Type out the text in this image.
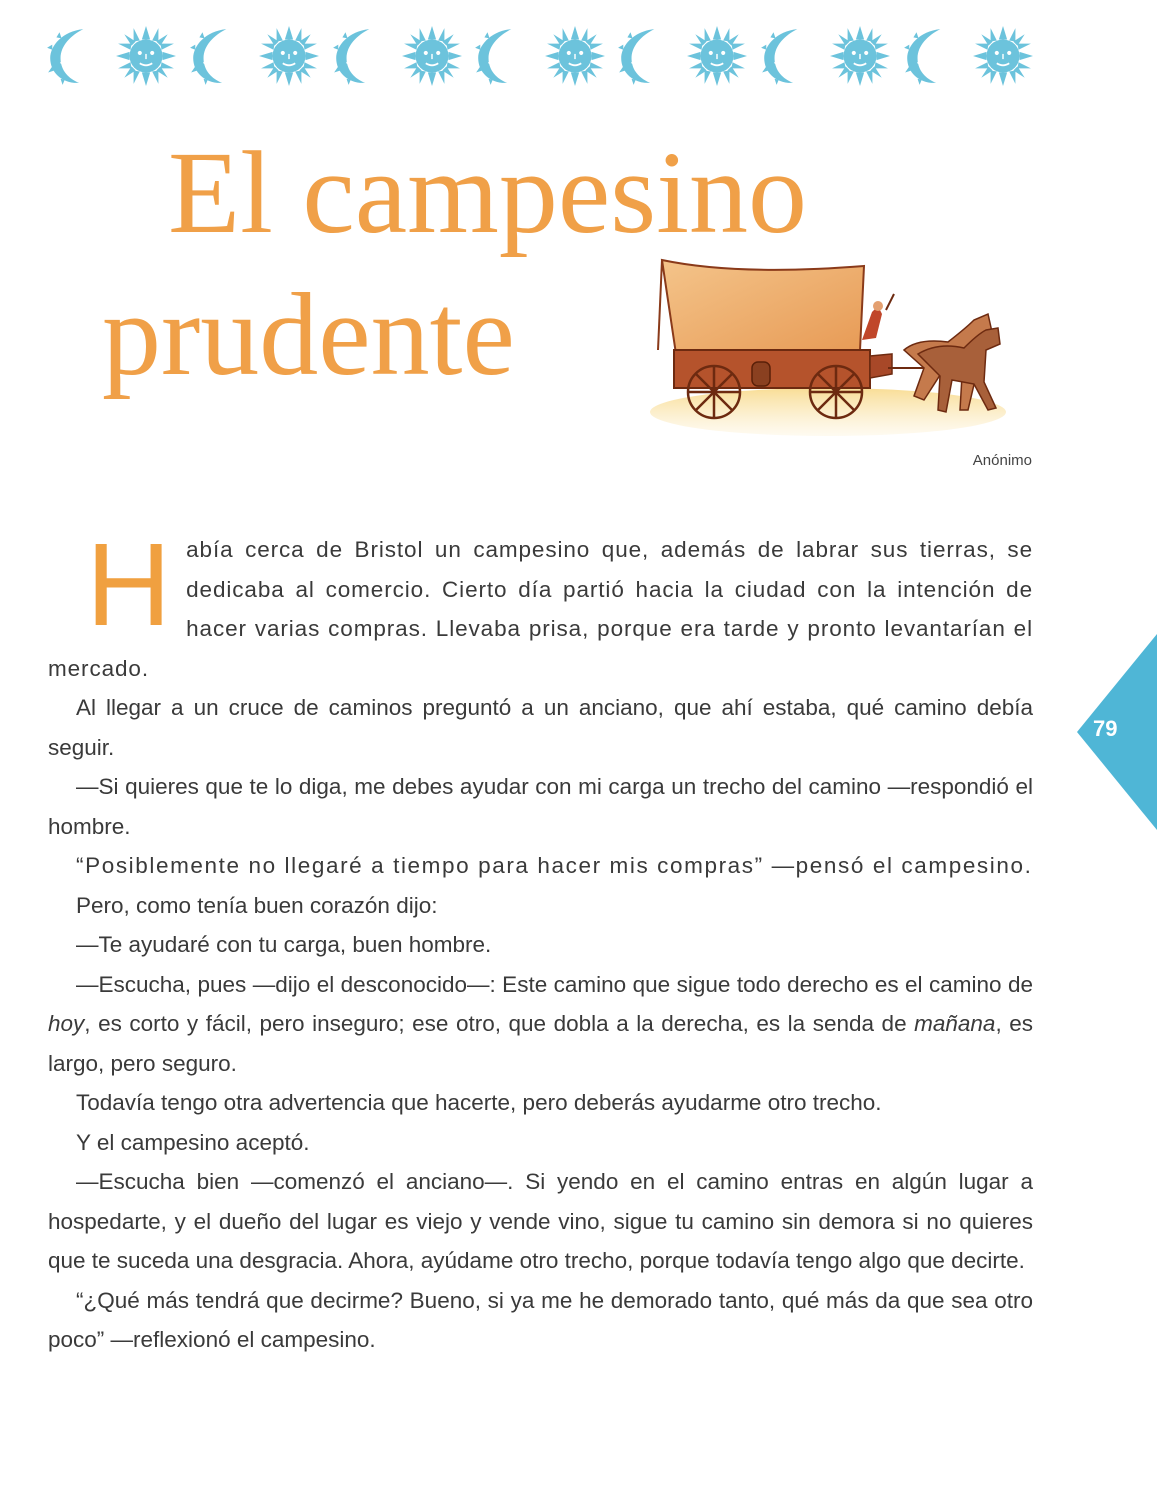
El campesino
prudente
Anónimo

Había cerca de Bristol un campesino que, además de labrar sus tierras, se dedicaba al comercio. Cierto día partió hacia la ciudad con la intención de hacer varias compras. Llevaba prisa, porque era tarde y pronto levantarían el mercado.

Al llegar a un cruce de caminos preguntó a un anciano, que ahí estaba, qué camino debía seguir.

—Si quieres que te lo diga, me debes ayudar con mi carga un trecho del camino —respondió el hombre.

“Posiblemente no llegaré a tiempo para hacer mis compras” —pensó el campesino.

Pero, como tenía buen corazón dijo:

—Te ayudaré con tu carga, buen hombre.

—Escucha, pues —dijo el desconocido—: Este camino que sigue todo derecho es el camino de hoy, es corto y fácil, pero inseguro; ese otro, que dobla a la derecha, es la senda de mañana, es largo, pero seguro.

Todavía tengo otra advertencia que hacerte, pero deberás ayudarme otro trecho.

Y el campesino aceptó.

—Escucha bien —comenzó el anciano—. Si yendo en el camino entras en algún lugar a hospedarte, y el dueño del lugar es viejo y vende vino, sigue tu camino sin demora si no quieres que te suceda una desgracia. Ahora, ayúdame otro trecho, porque todavía tengo algo que decirte.

“¿Qué más tendrá que decirme? Bueno, si ya me he demorado tanto, qué más da que sea otro poco” —reflexionó el campesino.

79
